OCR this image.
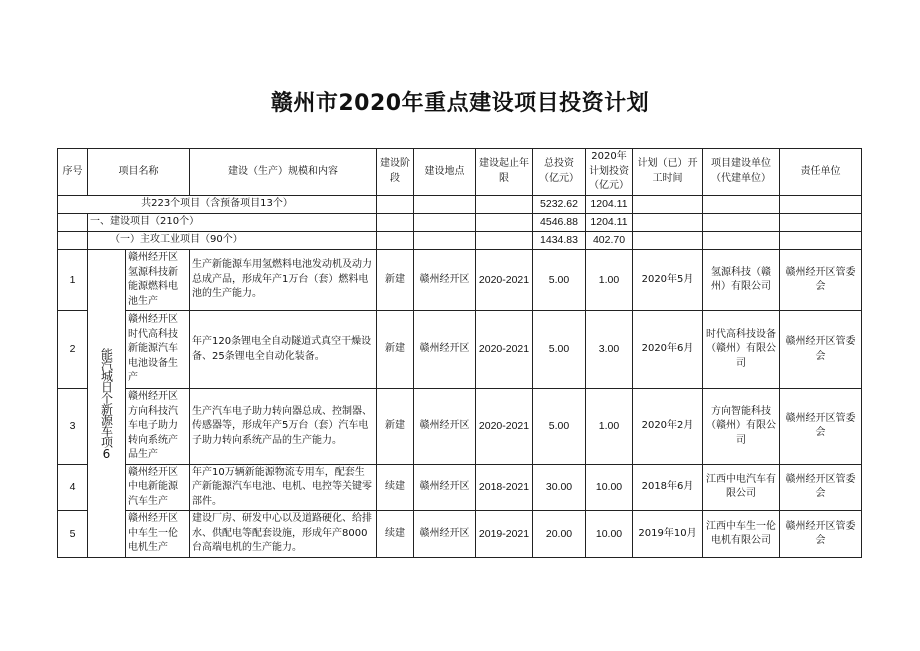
赣州市2020年重点建设项目投资计划
序号	项目名称		建设（生产）规模和内容	建设阶段	建设地点	建设起止年限	总投资（亿元）	2020年计划投资（亿元）	计划（已）开工时间	项目建设单位（代建单位）	责任单位
共223个项目（含预备项目13个）							5232.62	1204.11			
	一、建设项目（210个）						4546.88	1204.11			
	（一）主攻工业项目（90个）						1434.83	402.70			
1	能汽城日个新源车项6	赣州经开区氢源科技新能源燃料电池生产	生产新能源车用氢燃料电池发动机及动力总成产品，形成年产1万台（套）燃料电池的生产能力。	新建	赣州经开区	2020-2021	5.00	1.00	2020年5月	氢源科技（赣州）有限公司	赣州经开区管委会
2		赣州经开区时代高科技新能源汽车电池设备生产	年产120条锂电全自动隧道式真空干燥设备、25条锂电全自动化装备。	新建	赣州经开区	2020-2021	5.00	3.00	2020年6月	时代高科技设备（赣州）有限公司	赣州经开区管委会
3		赣州经开区方向科技汽车电子助力转向系统产品生产	生产汽车电子助力转向器总成、控制器、传感器等，形成年产5万台（套）汽车电子助力转向系统产品的生产能力。	新建	赣州经开区	2020-2021	5.00	1.00	2020年2月	方向智能科技（赣州）有限公司	赣州经开区管委会
4		赣州经开区中电新能源汽车生产	年产10万辆新能源物流专用车，配套生产新能源汽车电池、电机、电控等关键零部件。	续建	赣州经开区	2018-2021	30.00	10.00	2018年6月	江西中电汽车有限公司	赣州经开区管委会
5		赣州经开区中车生一伦电机生产	建设厂房、研发中心以及道路硬化、给排水、供配电等配套设施，形成年产8000台高端电机的生产能力。	续建	赣州经开区	2019-2021	20.00	10.00	2019年10月	江西中车生一伦电机有限公司	赣州经开区管委会
